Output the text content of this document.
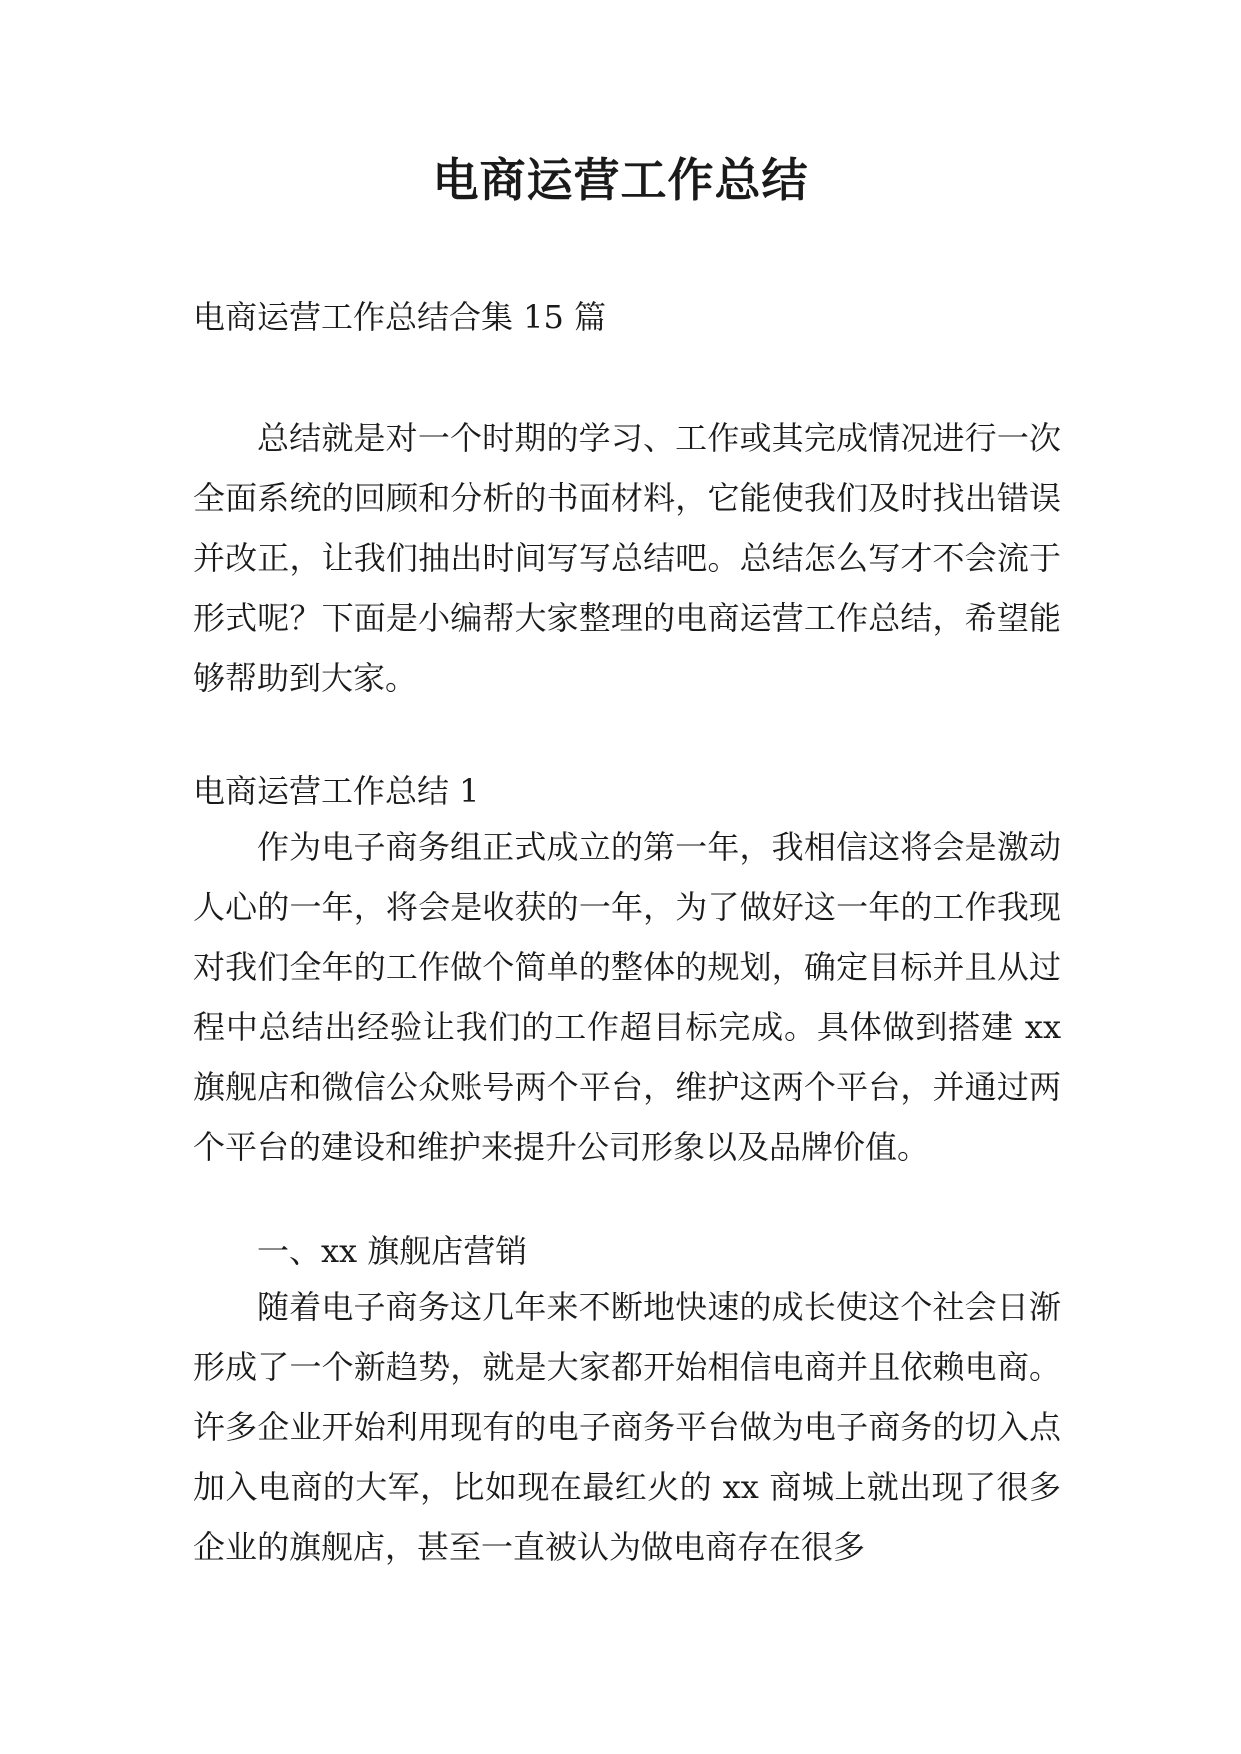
电商运营工作总结

电商运营工作总结合集 15 篇

总结就是对一个时期的学习、工作或其完成情况进行一次全面系统的回顾和分析的书面材料，它能使我们及时找出错误并改正，让我们抽出时间写写总结吧。总结怎么写才不会流于形式呢？下面是小编帮大家整理的电商运营工作总结，希望能够帮助到大家。

电商运营工作总结 1

作为电子商务组正式成立的第一年，我相信这将会是激动人心的一年，将会是收获的一年，为了做好这一年的工作我现对我们全年的工作做个简单的整体的规划，确定目标并且从过程中总结出经验让我们的工作超目标完成。具体做到搭建 xx 旗舰店和微信公众账号两个平台，维护这两个平台，并通过两个平台的建设和维护来提升公司形象以及品牌价值。

一、xx 旗舰店营销

随着电子商务这几年来不断地快速的成长使这个社会日渐形成了一个新趋势，就是大家都开始相信电商并且依赖电商。许多企业开始利用现有的电子商务平台做为电子商务的切入点加入电商的大军，比如现在最红火的 xx 商城上就出现了很多企业的旗舰店，甚至一直被认为做电商存在很多
